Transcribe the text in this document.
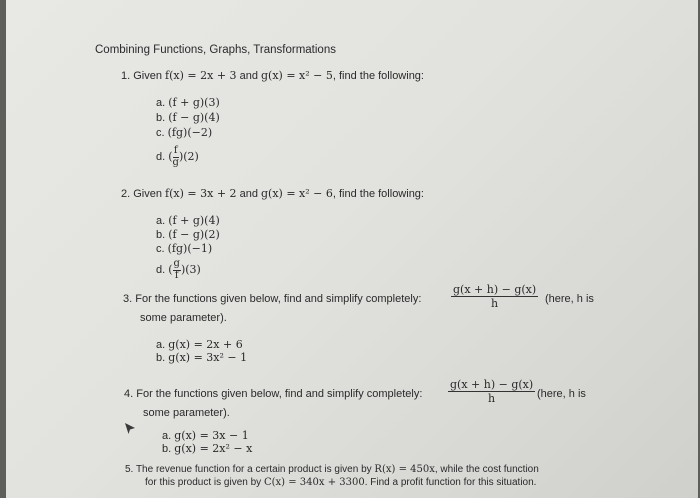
Combining Functions, Graphs, Transformations
1. Given f(x) = 2x + 3 and g(x) = x² − 5, find the following:
a. (f + g)(3)
b. (f − g)(4)
c. (fg)(−2)
d. ( $\frac{f}{g} )(2)$
2. Given f(x) = 3x + 2 and g(x) = x² − 6, find the following:
a. (f + g)(4)
b. (f − g)(2)
c. (fg)(−1)
d. ( $\frac{g}{f} )(3)$
3. For the functions given below, find and simplify completely:	$\frac{g(x + h) - g(x)}{h}$ (here, h is
some parameter).
a. g(x) = 2x + 6
b. g(x) = 3x² − 1
4. For the functions given below, find and simplify completely: $\frac{g(x + h) - g(x)}{h}$ (here, h is
some parameter).
a. g(x) = 3x − 1
b. g(x) = 2x² − x
5. The revenue function for a certain product is given by R(x) = 450x, while the cost function
for this product is given by C(x) = 340x + 3300. Find a profit function for this situation.
